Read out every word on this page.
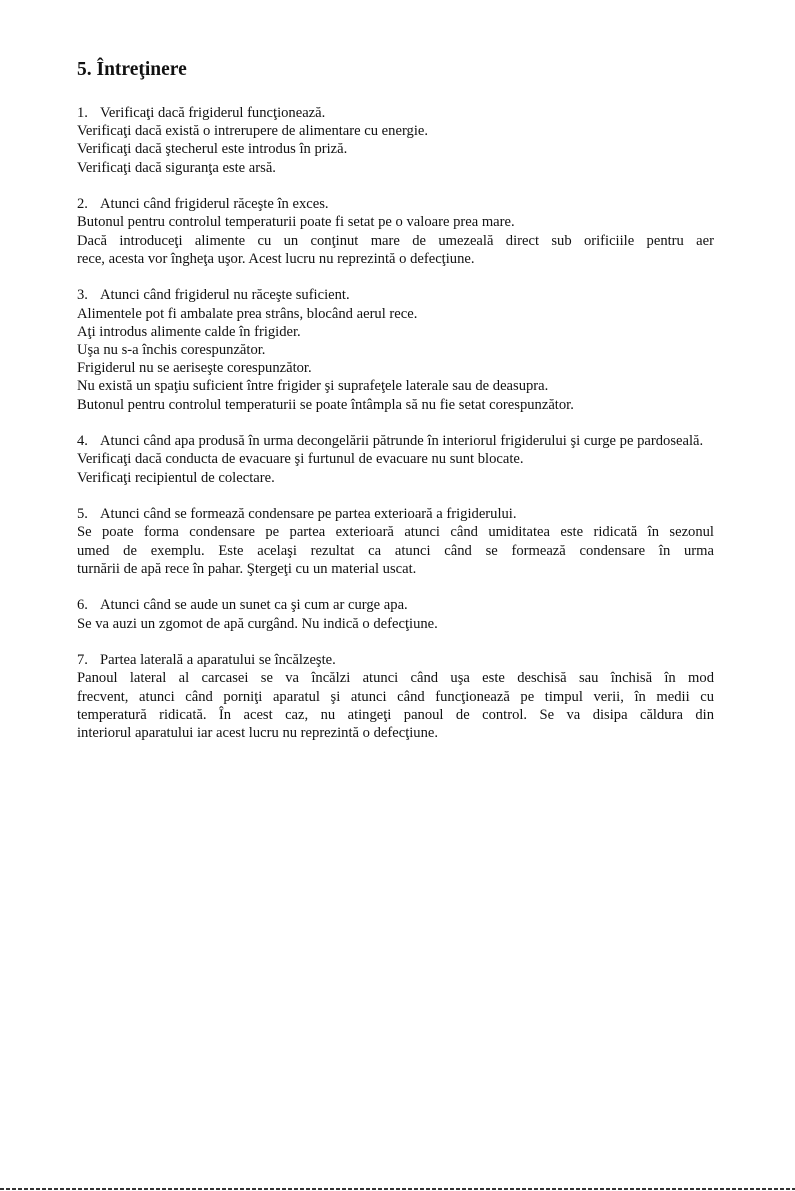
5. Întreţinere
1. Verificaţi dacă frigiderul funcţionează.
Verificaţi dacă există o intrerupere de alimentare cu energie.
Verificaţi dacă ştecherul este introdus în priză.
Verificaţi dacă siguranţa este arsă.
2. Atunci când frigiderul răceşte în exces.
Butonul pentru controlul temperaturii poate fi setat pe o valoare prea mare.
Dacă introduceţi alimente cu un conţinut mare de umezeală direct sub orificiile pentru aer
rece, acesta vor îngheţa uşor. Acest lucru nu reprezintă o defecţiune.
3. Atunci când frigiderul nu răceşte suficient.
Alimentele pot fi ambalate prea strâns, blocând aerul rece.
Aţi introdus alimente calde în frigider.
Uşa nu s-a închis corespunzător.
Frigiderul nu se aeriseşte corespunzător.
Nu există un spaţiu suficient între frigider şi suprafeţele laterale sau de deasupra.
Butonul pentru controlul temperaturii se poate întâmpla să nu fie setat corespunzător.
4. Atunci când apa produsă în urma decongelării pătrunde în interiorul frigiderului şi curge pe pardoseală.
Verificaţi dacă conducta de evacuare şi furtunul de evacuare nu sunt blocate.
Verificaţi recipientul de colectare.
5. Atunci când se formează condensare pe partea exterioară a frigiderului.
Se poate forma condensare pe partea exterioară atunci când umiditatea este ridicată în sezonul
umed de exemplu. Este acelaşi rezultat ca atunci când se formează condensare în urma
turnării de apă rece în pahar. Ştergeţi cu un material uscat.
6. Atunci când se aude un sunet ca şi cum ar curge apa.
Se va auzi un zgomot de apă curgând. Nu indică o defecţiune.
7. Partea laterală a aparatului se încălzeşte.
Panoul lateral al carcasei se va încălzi atunci când uşa este deschisă sau închisă în mod
frecvent, atunci când porniţi aparatul şi atunci când funcţionează pe timpul verii, în medii cu
temperatură ridicată. În acest caz, nu atingeţi panoul de control. Se va disipa căldura din
interiorul aparatului iar acest lucru nu reprezintă o defecţiune.
